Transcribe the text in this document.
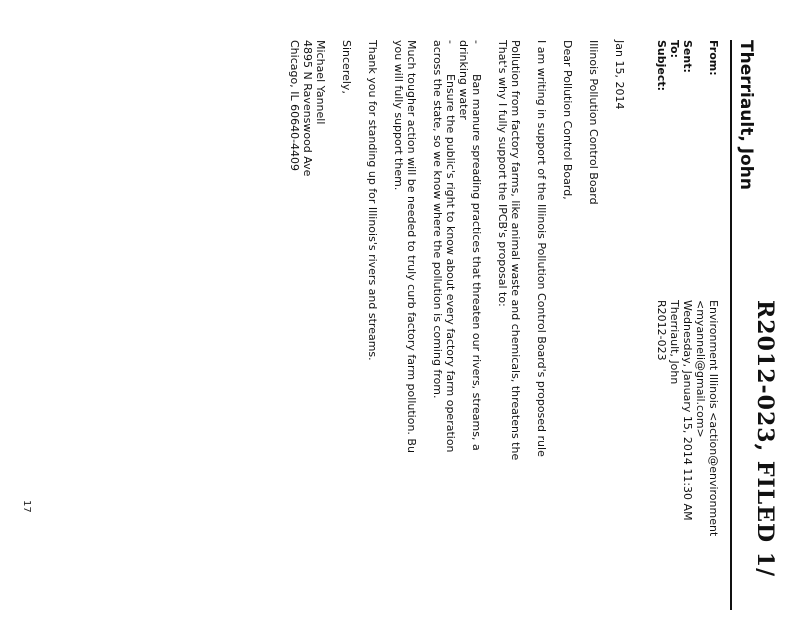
R2012-023, FILED 1/
Therriault, John
From:
Environment Illinois <action@environment
<myanneli@gmail.com>
Sent:
Wednesday, January 15, 2014 11:30 AM
To:
Therriault, John
Subject:
R2012-023
Jan 15, 2014
Illinois Pollution Control Board
Dear Pollution Control Board,
I am writing in support of the Illinois Pollution Control Board's proposed rule
Pollution from factory farms, like animal waste and chemicals, threatens the
That's why I fully support the IPCB's proposal to:
-
Ban manure spreading practices that threaten our rivers, streams, a
drinking water
-
Ensure the public's right to know about every factory farm operation
across the state, so we know where the pollution is coming from.
Much tougher action will be needed to truly curb factory farm pollution. Bu
you will fully support them.
Thank you for standing up for Illinois's rivers and streams.
Sincerely,
Michael Yannell
4895 N Ravenswood Ave
Chicago, IL 60640-4409
17
